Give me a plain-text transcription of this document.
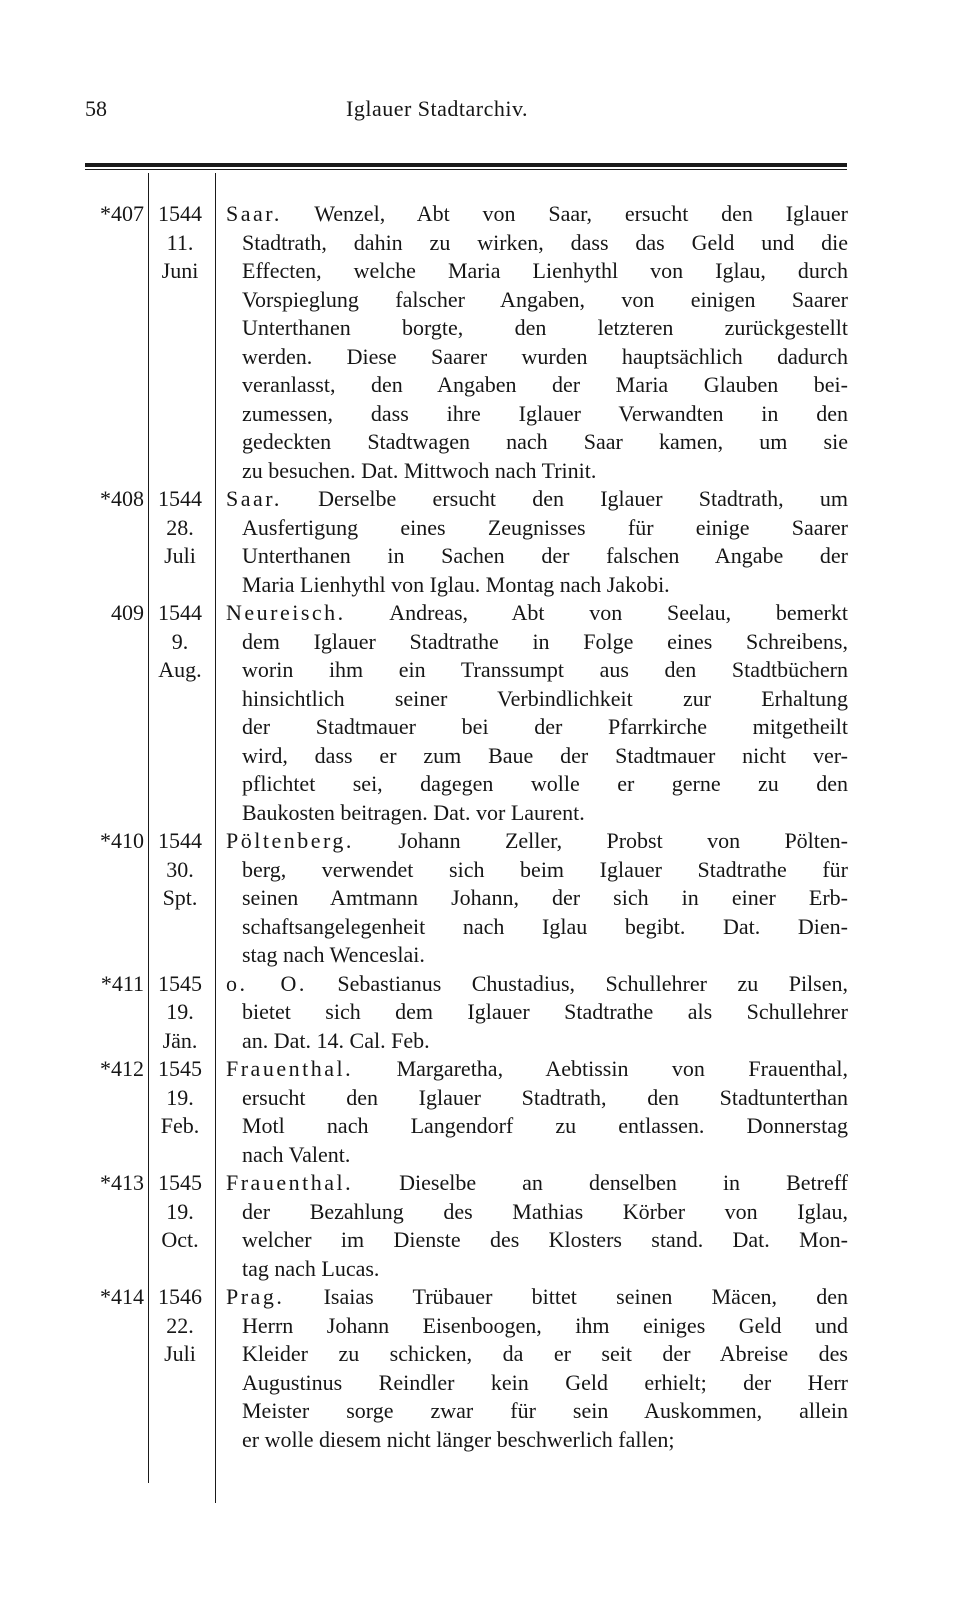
58	Iglauer Stadtarchiv.
*407 1544	Saar. Wenzel, Abt von Saar, ersucht den Iglauer
11.	Stadtrath, dahin zu wirken, dass das Geld und die
Juni	Effecten, welche Maria Lienhythl von Iglau, durch
Vorspieglung falscher Angaben, von einigen Saarer
Unterthanen borgte, den letzteren zurückgestellt
werden. Diese Saarer wurden hauptsächlich dadurch
veranlasst, den Angaben der Maria Glauben bei-
zumessen, dass ihre Iglauer Verwandten in den
gedeckten Stadtwagen nach Saar kamen, um sie
zu besuchen. Dat. Mittwoch nach Trinit.
*408 1544	Saar. Derselbe ersucht den Iglauer Stadtrath, um
28.	Ausfertigung eines Zeugnisses für einige Saarer
Juli	Unterthanen in Sachen der falschen Angabe der
Maria Lienhythl von Iglau. Montag nach Jakobi.
409 1544	Neureisch. Andreas, Abt von Seelau, bemerkt
9.	dem Iglauer Stadtrathe in Folge eines Schreibens,
Aug.	worin ihm ein Transsumpt aus den Stadtbüchern
hinsichtlich seiner Verbindlichkeit zur Erhaltung
der Stadtmauer bei der Pfarrkirche mitgetheilt
wird, dass er zum Baue der Stadtmauer nicht ver-
pflichtet sei, dagegen wolle er gerne zu den
Baukosten beitragen. Dat. vor Laurent.
*410 1544	Pöltenberg. Johann Zeller, Probst von Pölten-
30.	berg, verwendet sich beim Iglauer Stadtrathe für
Spt.	seinen Amtmann Johann, der sich in einer Erb-
schaftsangelegenheit nach Iglau begibt. Dat. Dien-
stag nach Wenceslai.
*411 1545	o. O. Sebastianus Chustadius, Schullehrer zu Pilsen,
19.	bietet sich dem Iglauer Stadtrathe als Schullehrer
Jän.	an. Dat. 14. Cal. Feb.
*412 1545	Frauenthal. Margaretha, Aebtissin von Frauenthal,
19.	ersucht den Iglauer Stadtrath, den Stadtunterthan
Feb.	Motl nach Langendorf zu entlassen. Donnerstag
nach Valent.
*413 1545	Frauenthal. Dieselbe an denselben in Betreff
19.	der Bezahlung des Mathias Körber von Iglau,
Oct.	welcher im Dienste des Klosters stand. Dat. Mon-
tag nach Lucas.
*414 1546	Prag. Isaias Trübauer bittet seinen Mäcen, den
22.	Herrn Johann Eisenboogen, ihm einiges Geld und
Juli	Kleider zu schicken, da er seit der Abreise des
Augustinus Reindler kein Geld erhielt; der Herr
Meister sorge zwar für sein Auskommen, allein
er wolle diesem nicht länger beschwerlich fallen;
